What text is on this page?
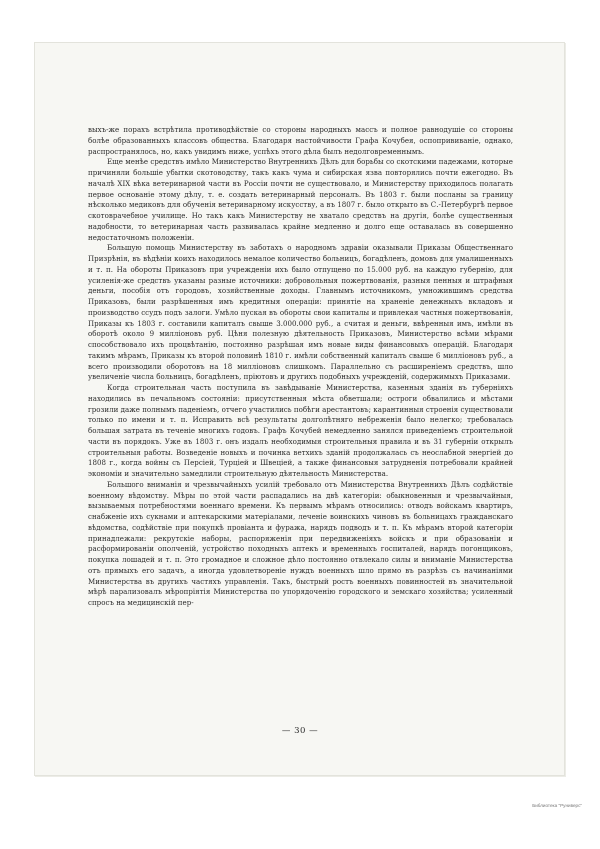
выхъ-же порахъ встрѣтила противодѣйствіе со стороны народныхъ массъ и полное равнодушіе со стороны болѣе образованныхъ классовъ общества. Благодаря настойчивости Графа Кочубея, оспопрививаніе, однако, распространялось, но, какъ увидимъ ниже, успѣхъ этого дѣла былъ недолговременнымъ.

Еще менѣе средствъ имѣло Министерство Внутреннихъ Дѣлъ для борьбы со скотскими падежами, которые причиняли большіе убытки скотоводству, такъ какъ чума и сибирская язва повторялись почти ежегодно. Въ началѣ XIX вѣка ветеринарной части въ Россіи почти не существовало, и Министерству приходилось полагать первое основаніе этому дѣлу, т. е. создать ветеринарный персоналъ. Въ 1803 г. были посланы за границу нѣсколько медиковъ для обученія ветеринарному искусству, а въ 1807 г. было открыто въ С.-Петербургѣ первое скотоврачебное училище. Но такъ какъ Министерству не хватало средствъ на другія, болѣе существенныя надобности, то ветеринарная часть развивалась крайне медленно и долго еще оставалась въ совершенно недостаточномъ положеніи.

Большую помощь Министерству въ заботахъ о народномъ здравіи оказывали Приказы Общественнаго Призрѣнія, въ вѣдѣніи коихъ находилось немалое количество больницъ, богадѣленъ, домовъ для умалишенныхъ и т. п. На обороты Приказовъ при учрежденіи ихъ было отпущено по 15.000 руб. на каждую губернію, для усиленія-же средствъ указаны разные источники: добровольныя пожертвованія, разныя пенныя и штрафныя деньги, пособія отъ городовъ, хозяйственные доходы. Главнымъ источникомъ, умножившимъ средства Приказовъ, были разрѣшенныя имъ кредитныя операціи: принятіе на храненіе денежныхъ вкладовъ и производство ссудъ подъ залоги. Умѣло пуская въ обороты свои капиталы и привлекая частныя пожертвованія, Приказы къ 1803 г. составили капиталъ свыше 3.000.000 руб., а считая и деньги, ввѣренныя имъ, имѣли въ оборотѣ около 9 милліоновъ руб. Цѣня полезную дѣятельность Приказовъ, Министерство всѣми мѣрами способствовало ихъ процвѣтанію, постоянно разрѣшая имъ новые виды финансовыхъ операцій. Благодаря такимъ мѣрамъ, Приказы къ второй половинѣ 1810 г. имѣли собственный капиталъ свыше 6 милліоновъ руб., а всего производили оборотовъ на 18 милліоновъ слишкомъ. Параллельно съ расширеніемъ средствъ, шло увеличеніе числа больницъ, богадѣленъ, пріютовъ и другихъ подобныхъ учрежденій, содержимыхъ Приказами.

Когда строительная часть поступила въ завѣдываніе Министерства, казенныя зданія въ губерніяхъ находились въ печальномъ состояніи: присутственныя мѣста обветшали; остроги обвалились и мѣстами грозили даже полнымъ паденіемъ, отчего участились побѣги арестантовъ; карантинныя строенія существовали только по имени и т. п. Исправить всѣ результаты долголѣтняго небреженія было нелегко; требовалась большая затрата въ теченіе многихъ годовъ. Графъ Кочубей немедленно занялся приведеніемъ строительной части въ порядокъ. Уже въ 1803 г. онъ издалъ необходимыя строительныя правила и въ 31 губерніи открылъ строительныя работы. Возведеніе новыхъ и починка ветхихъ зданій продолжалась съ неослабной энергіей до 1808 г., когда войны съ Персіей, Турціей и Швеціей, а также финансовыя затрудненія потребовали крайней экономіи и значительно замедлили строительную дѣятельность Министерства.

Большого вниманія и чрезвычайныхъ усилій требовало отъ Министерства Внутреннихъ Дѣлъ содѣйствіе военному вѣдомству. Мѣры по этой части распадались на двѣ категоріи: обыкновенныя и чрезвычайныя, вызываемыя потребностями военнаго времени. Къ первымъ мѣрамъ относились: отводъ войскамъ квартиръ, снабженіе ихъ сукнами и аптекарскими матеріалами, леченіе воинскихъ чиновъ въ больницахъ гражданскаго вѣдомства, содѣйствіе при покупкѣ провіанта и фуража, нарядъ подводъ и т. п. Къ мѣрамъ второй категоріи принадлежали: рекрутскіе наборы, распоряженія при передвиженіяхъ войскъ и при образованіи и расформированіи ополченій, устройство походныхъ аптекъ и временныхъ госпиталей, нарядъ погонщиковъ, покупка лошадей и т. п. Это громадное и сложное дѣло постоянно отвлекало силы и вниманіе Министерства отъ прямыхъ его задачъ, а иногда удовлетвореніе нуждъ военныхъ шло прямо въ разрѣзъ съ начинаніями Министерства въ другихъ частяхъ управленія. Такъ, быстрый ростъ военныхъ повинностей въ значительной мѣрѣ парализовалъ мѣропріятія Министерства по упорядоченію городского и земскаго хозяйства; усиленный спросъ на медицинскій пер-

— 30 —
Библиотека "Руниверс"
